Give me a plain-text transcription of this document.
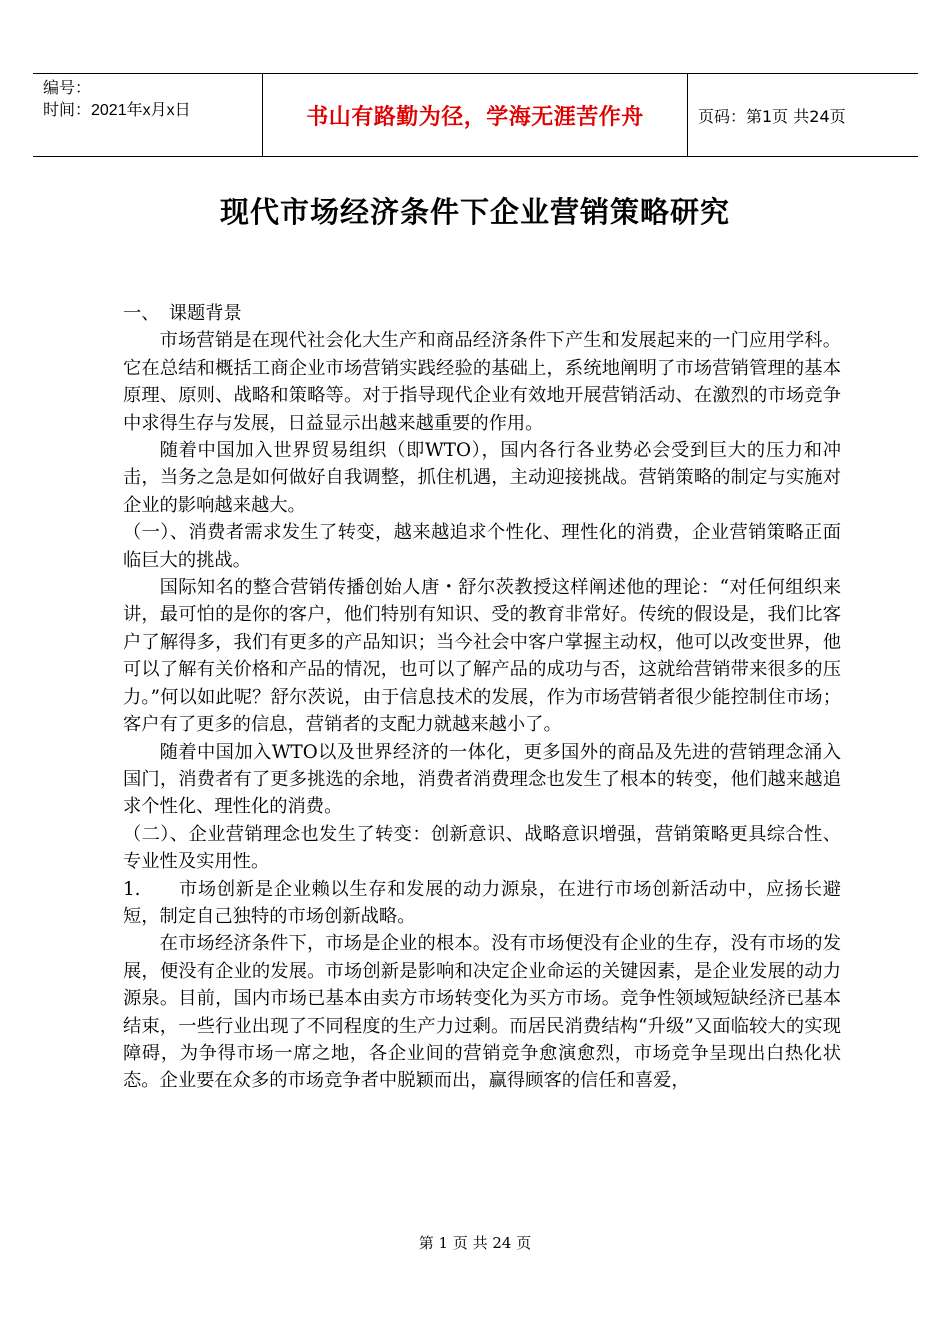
编号：
时间：2021年x月x日	书山有路勤为径，学海无涯苦作舟	页码：第1页 共24页
现代市场经济条件下企业营销策略研究

一、　课题背景

市场营销是在现代社会化大生产和商品经济条件下产生和发展起来的一门应用学科。它在总结和概括工商企业市场营销实践经验的基础上，系统地阐明了市场营销管理的基本原理、原则、战略和策略等。对于指导现代企业有效地开展营销活动、在激烈的市场竞争中求得生存与发展，日益显示出越来越重要的作用。

随着中国加入世界贸易组织（即WTO），国内各行各业势必会受到巨大的压力和冲击，当务之急是如何做好自我调整，抓住机遇，主动迎接挑战。营销策略的制定与实施对企业的影响越来越大。

（一）、消费者需求发生了转变，越来越追求个性化、理性化的消费，企业营销策略正面临巨大的挑战。

国际知名的整合营销传播创始人唐・舒尔茨教授这样阐述他的理论：“对任何组织来讲，最可怕的是你的客户，他们特别有知识、受的教育非常好。传统的假设是，我们比客户了解得多，我们有更多的产品知识；当今社会中客户掌握主动权，他可以改变世界，他可以了解有关价格和产品的情况，也可以了解产品的成功与否，这就给营销带来很多的压力。”何以如此呢？舒尔茨说，由于信息技术的发展，作为市场营销者很少能控制住市场；客户有了更多的信息，营销者的支配力就越来越小了。

随着中国加入WTO以及世界经济的一体化，更多国外的商品及先进的营销理念涌入国门，消费者有了更多挑选的余地，消费者消费理念也发生了根本的转变，他们越来越追求个性化、理性化的消费。

（二）、企业营销理念也发生了转变：创新意识、战略意识增强，营销策略更具综合性、专业性及实用性。

1.　　市场创新是企业赖以生存和发展的动力源泉，在进行市场创新活动中，应扬长避短，制定自己独特的市场创新战略。

在市场经济条件下，市场是企业的根本。没有市场便没有企业的生存，没有市场的发展，便没有企业的发展。市场创新是影响和决定企业命运的关键因素，是企业发展的动力源泉。目前，国内市场已基本由卖方市场转变化为买方市场。竞争性领域短缺经济已基本结束，一些行业出现了不同程度的生产力过剩。而居民消费结构“升级”又面临较大的实现障碍，为争得市场一席之地，各企业间的营销竞争愈演愈烈，市场竞争呈现出白热化状态。企业要在众多的市场竞争者中脱颖而出，赢得顾客的信任和喜爱，

第 1 页 共 24 页
